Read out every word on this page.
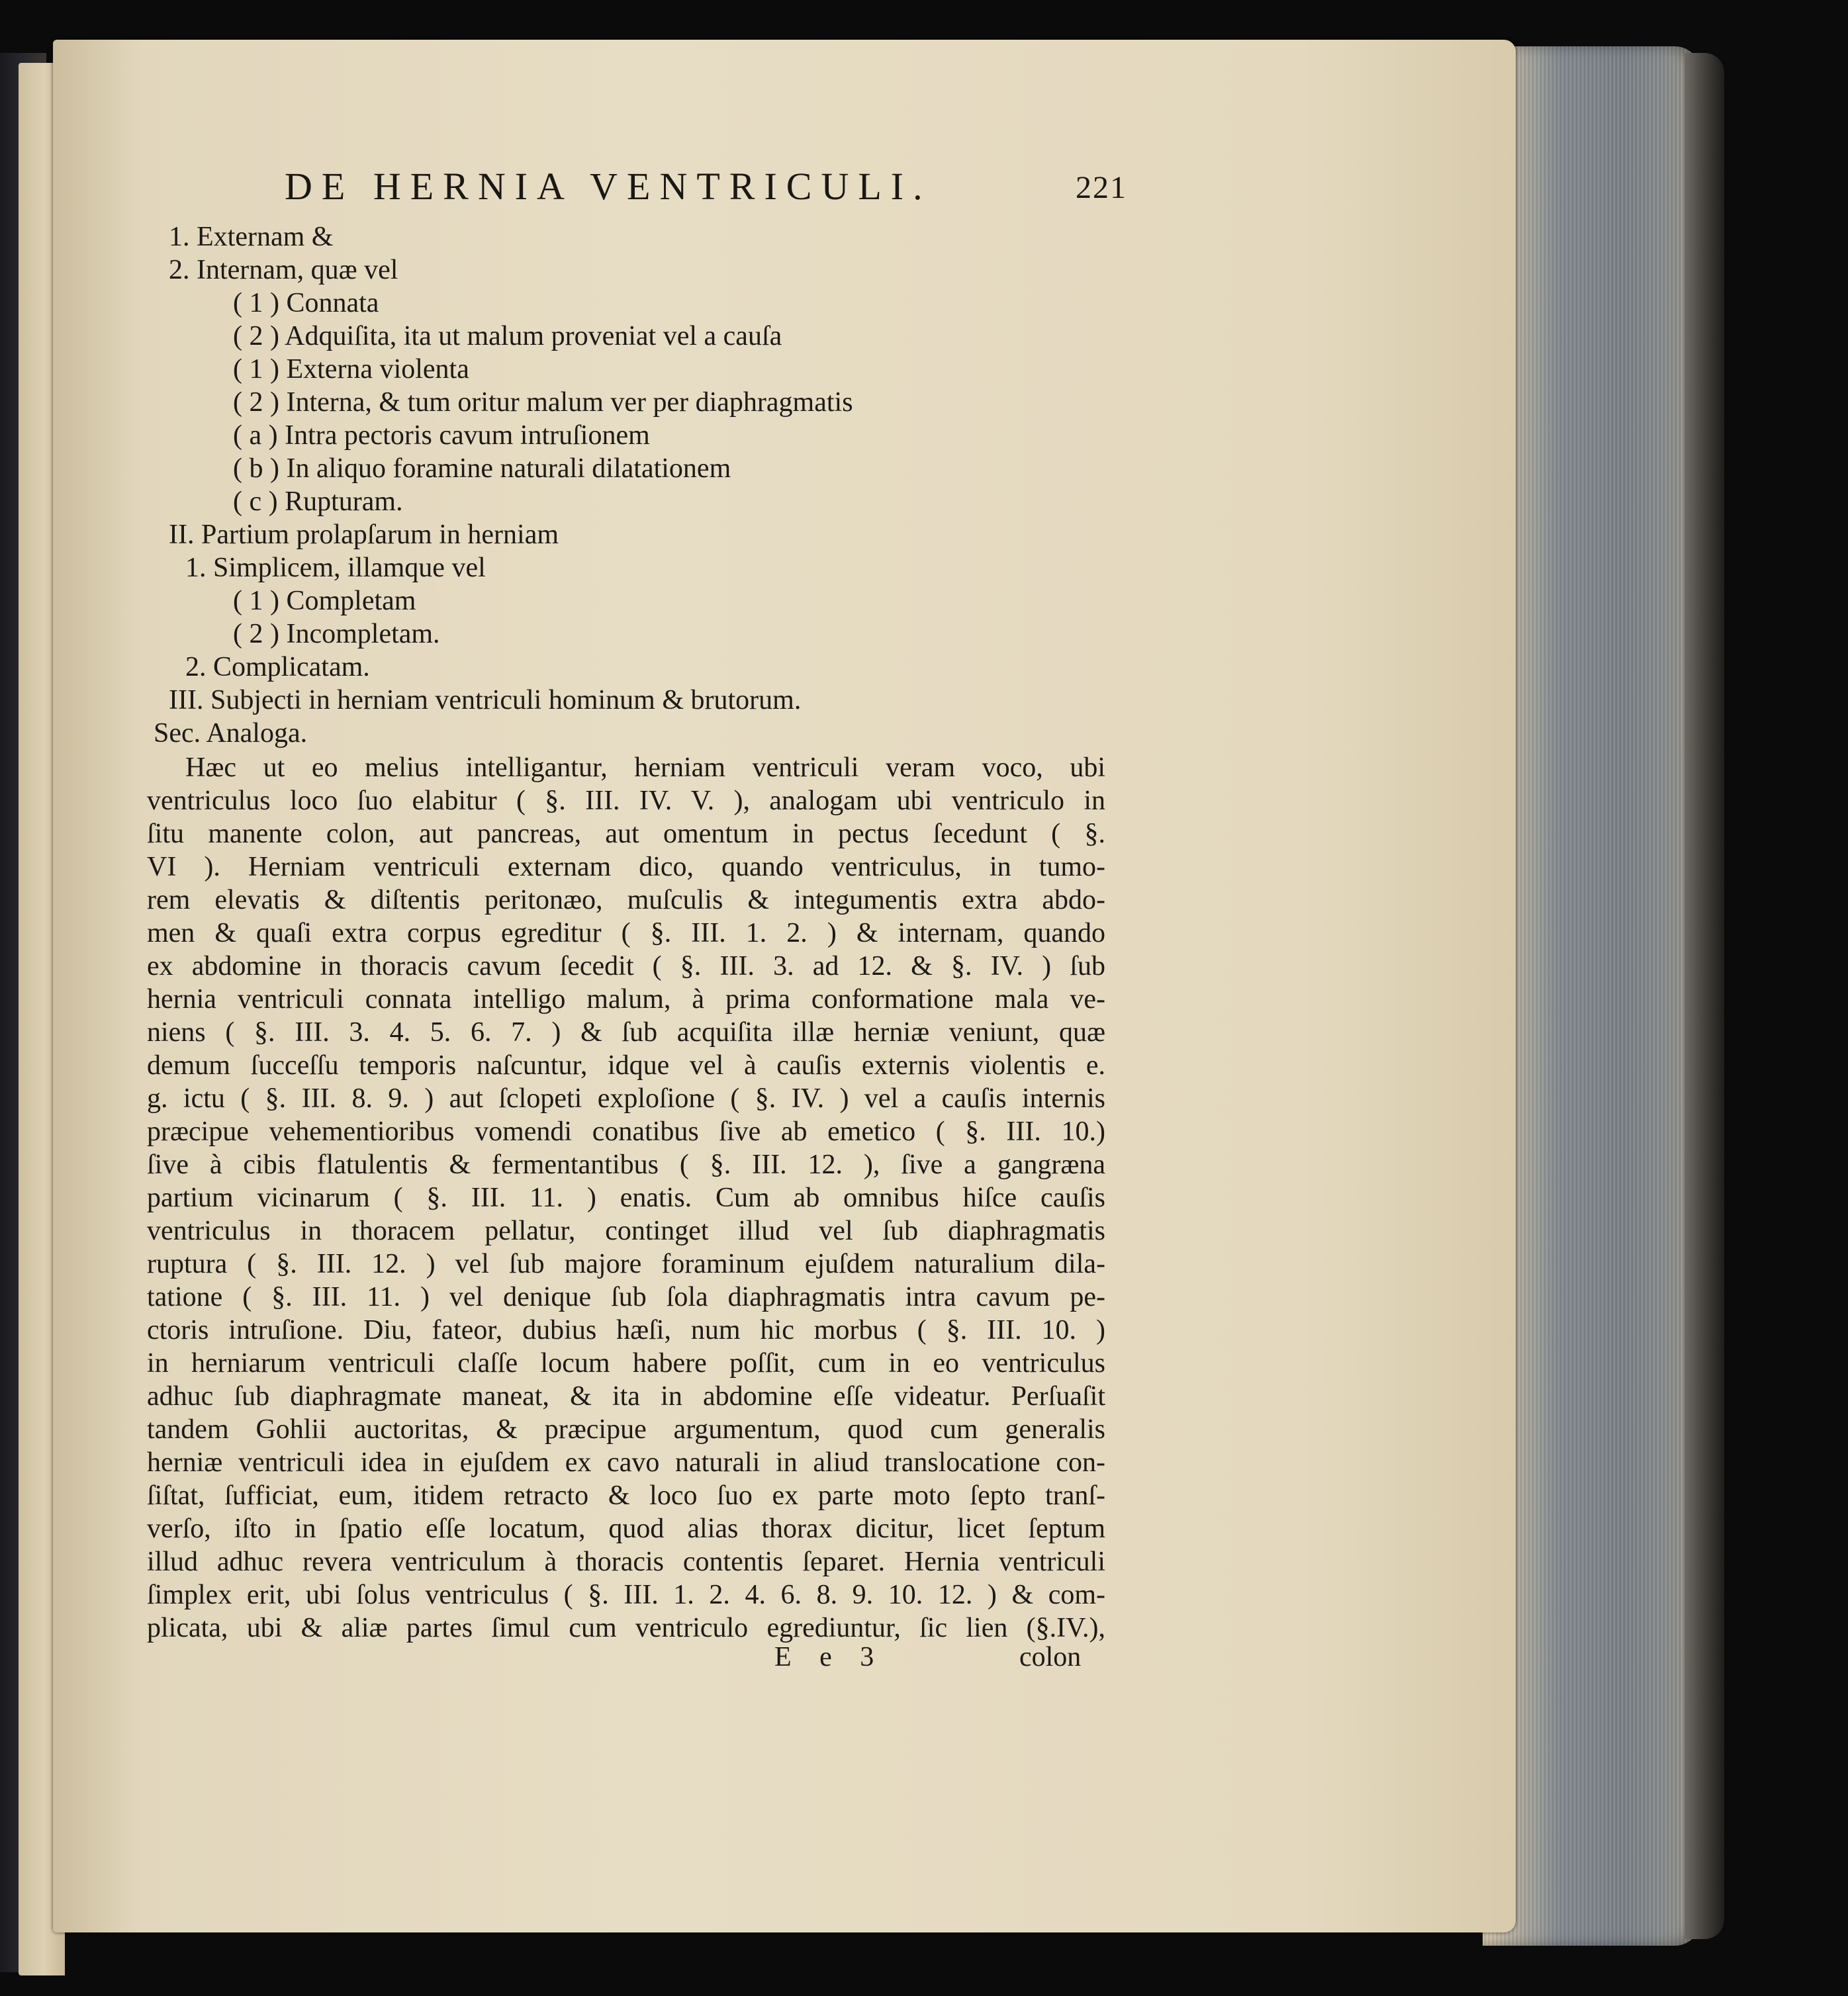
DE HERNIA VENTRICULI.	221
1. Externam &
2. Internam, quæ vel
( 1 ) Connata
( 2 ) Adquiſita, ita ut malum proveniat vel a cauſa
( 1 ) Externa violenta
( 2 ) Interna, & tum oritur malum ver per diaphragmatis
( a ) Intra pectoris cavum intruſionem
( b ) In aliquo foramine naturali dilatationem
( c ) Rupturam.
II. Partium prolapſarum in herniam
1. Simplicem, illamque vel
( 1 ) Completam
( 2 ) Incompletam.
2. Complicatam.
III. Subjecti in herniam ventriculi hominum & brutorum.
Sec. Analoga.
Hæc ut eo melius intelligantur, herniam ventriculi veram voco, ubi
ventriculus loco ſuo elabitur ( §. III. IV. V. ), analogam ubi ventriculo in
ſitu manente colon, aut pancreas, aut omentum in pectus ſecedunt ( §.
VI ). Herniam ventriculi externam dico, quando ventriculus, in tumo-
rem elevatis & diſtentis peritonæo, muſculis & integumentis extra abdo-
men & quaſi extra corpus egreditur ( §. III. 1. 2. ) & internam, quando
ex abdomine in thoracis cavum ſecedit ( §. III. 3. ad 12. & §. IV. ) ſub
hernia ventriculi connata intelligo malum, à prima conformatione mala ve-
niens ( §. III. 3. 4. 5. 6. 7. ) & ſub acquiſita illæ herniæ veniunt, quæ
demum ſucceſſu temporis naſcuntur, idque vel à cauſis externis violentis e.
g. ictu ( §. III. 8. 9. ) aut ſclopeti exploſione ( §. IV. ) vel a cauſis internis
præcipue vehementioribus vomendi conatibus ſive ab emetico ( §. III. 10.)
ſive à cibis flatulentis & fermentantibus ( §. III. 12. ), ſive a gangræna
partium vicinarum ( §. III. 11. ) enatis. Cum ab omnibus hiſce cauſis
ventriculus in thoracem pellatur, continget illud vel ſub diaphragmatis
ruptura ( §. III. 12. ) vel ſub majore foraminum ejuſdem naturalium dila-
tatione ( §. III. 11. ) vel denique ſub ſola diaphragmatis intra cavum pe-
ctoris intruſione. Diu, fateor, dubius hæſi, num hic morbus ( §. III. 10. )
in herniarum ventriculi claſſe locum habere poſſit, cum in eo ventriculus
adhuc ſub diaphragmate maneat, & ita in abdomine eſſe videatur. Perſuaſit
tandem Gohlii auctoritas, & præcipue argumentum, quod cum generalis
herniæ ventriculi idea in ejuſdem ex cavo naturali in aliud translocatione con-
ſiſtat, ſufficiat, eum, itidem retracto & loco ſuo ex parte moto ſepto tranſ-
verſo, iſto in ſpatio eſſe locatum, quod alias thorax dicitur, licet ſeptum
illud adhuc revera ventriculum à thoracis contentis ſeparet. Hernia ventriculi
ſimplex erit, ubi ſolus ventriculus ( §. III. 1. 2. 4. 6. 8. 9. 10. 12. ) & com-
plicata, ubi & aliæ partes ſimul cum ventriculo egrediuntur, ſic lien (§.IV.),
E e 3	colon
